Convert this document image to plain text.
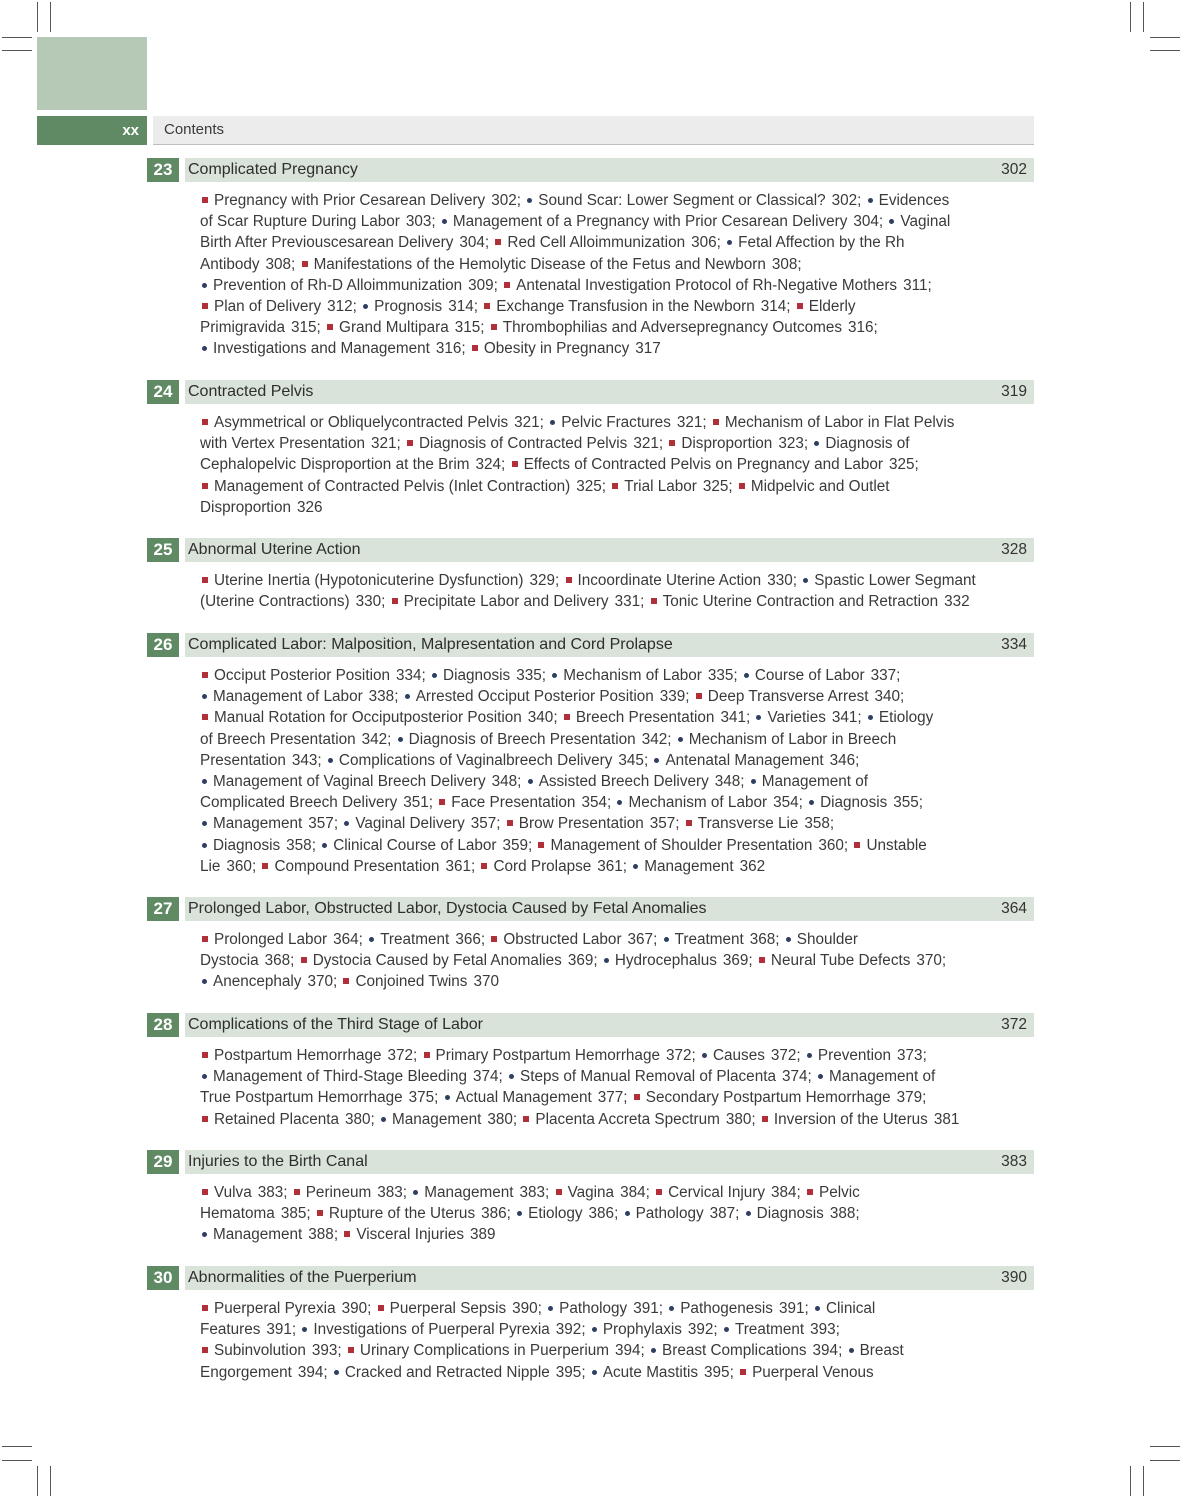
xx	Contents
23 Complicated Pregnancy	302
Pregnancy with Prior Cesarean Delivery 302; Sound Scar: Lower Segment or Classical? 302; Evidences
of Scar Rupture During Labor 303; Management of a Pregnancy with Prior Cesarean Delivery 304; Vaginal
Birth After Previouscesarean Delivery 304; Red Cell Alloimmunization 306; Fetal Affection by the Rh
Antibody 308; Manifestations of the Hemolytic Disease of the Fetus and Newborn 308;
Prevention of Rh-D Alloimmunization 309; Antenatal Investigation Protocol of Rh-Negative Mothers 311;
Plan of Delivery 312; Prognosis 314; Exchange Transfusion in the Newborn 314; Elderly
Primigravida 315; Grand Multipara 315; Thrombophilias and Adversepregnancy Outcomes 316;
Investigations and Management 316; Obesity in Pregnancy 317
24 Contracted Pelvis	319
Asymmetrical or Obliquelycontracted Pelvis 321; Pelvic Fractures 321; Mechanism of Labor in Flat Pelvis
with Vertex Presentation 321; Diagnosis of Contracted Pelvis 321; Disproportion 323; Diagnosis of
Cephalopelvic Disproportion at the Brim 324; Effects of Contracted Pelvis on Pregnancy and Labor 325;
Management of Contracted Pelvis (Inlet Contraction) 325; Trial Labor 325; Midpelvic and Outlet
Disproportion 326
25 Abnormal Uterine Action	328
Uterine Inertia (Hypotonicuterine Dysfunction) 329; Incoordinate Uterine Action 330; Spastic Lower Segmant
(Uterine Contractions) 330; Precipitate Labor and Delivery 331; Tonic Uterine Contraction and Retraction 332
26 Complicated Labor: Malposition, Malpresentation and Cord Prolapse	334
Occiput Posterior Position 334; Diagnosis 335; Mechanism of Labor 335; Course of Labor 337;
Management of Labor 338; Arrested Occiput Posterior Position 339; Deep Transverse Arrest 340;
Manual Rotation for Occiputposterior Position 340; Breech Presentation 341; Varieties 341; Etiology
of Breech Presentation 342; Diagnosis of Breech Presentation 342; Mechanism of Labor in Breech
Presentation 343; Complications of Vaginalbreech Delivery 345; Antenatal Management 346;
Management of Vaginal Breech Delivery 348; Assisted Breech Delivery 348; Management of
Complicated Breech Delivery 351; Face Presentation 354; Mechanism of Labor 354; Diagnosis 355;
Management 357; Vaginal Delivery 357; Brow Presentation 357; Transverse Lie 358;
Diagnosis 358; Clinical Course of Labor 359; Management of Shoulder Presentation 360; Unstable
Lie 360; Compound Presentation 361; Cord Prolapse 361; Management 362
27 Prolonged Labor, Obstructed Labor, Dystocia Caused by Fetal Anomalies	364
Prolonged Labor 364; Treatment 366; Obstructed Labor 367; Treatment 368; Shoulder
Dystocia 368; Dystocia Caused by Fetal Anomalies 369; Hydrocephalus 369; Neural Tube Defects 370;
Anencephaly 370; Conjoined Twins 370
28 Complications of the Third Stage of Labor	372
Postpartum Hemorrhage 372; Primary Postpartum Hemorrhage 372; Causes 372; Prevention 373;
Management of Third-Stage Bleeding 374; Steps of Manual Removal of Placenta 374; Management of
True Postpartum Hemorrhage 375; Actual Management 377; Secondary Postpartum Hemorrhage 379;
Retained Placenta 380; Management 380; Placenta Accreta Spectrum 380; Inversion of the Uterus 381
29 Injuries to the Birth Canal	383
Vulva 383; Perineum 383; Management 383; Vagina 384; Cervical Injury 384; Pelvic
Hematoma 385; Rupture of the Uterus 386; Etiology 386; Pathology 387; Diagnosis 388;
Management 388; Visceral Injuries 389
30 Abnormalities of the Puerperium	390
Puerperal Pyrexia 390; Puerperal Sepsis 390; Pathology 391; Pathogenesis 391; Clinical
Features 391; Investigations of Puerperal Pyrexia 392; Prophylaxis 392; Treatment 393;
Subinvolution 393; Urinary Complications in Puerperium 394; Breast Complications 394; Breast
Engorgement 394; Cracked and Retracted Nipple 395; Acute Mastitis 395; Puerperal Venous
